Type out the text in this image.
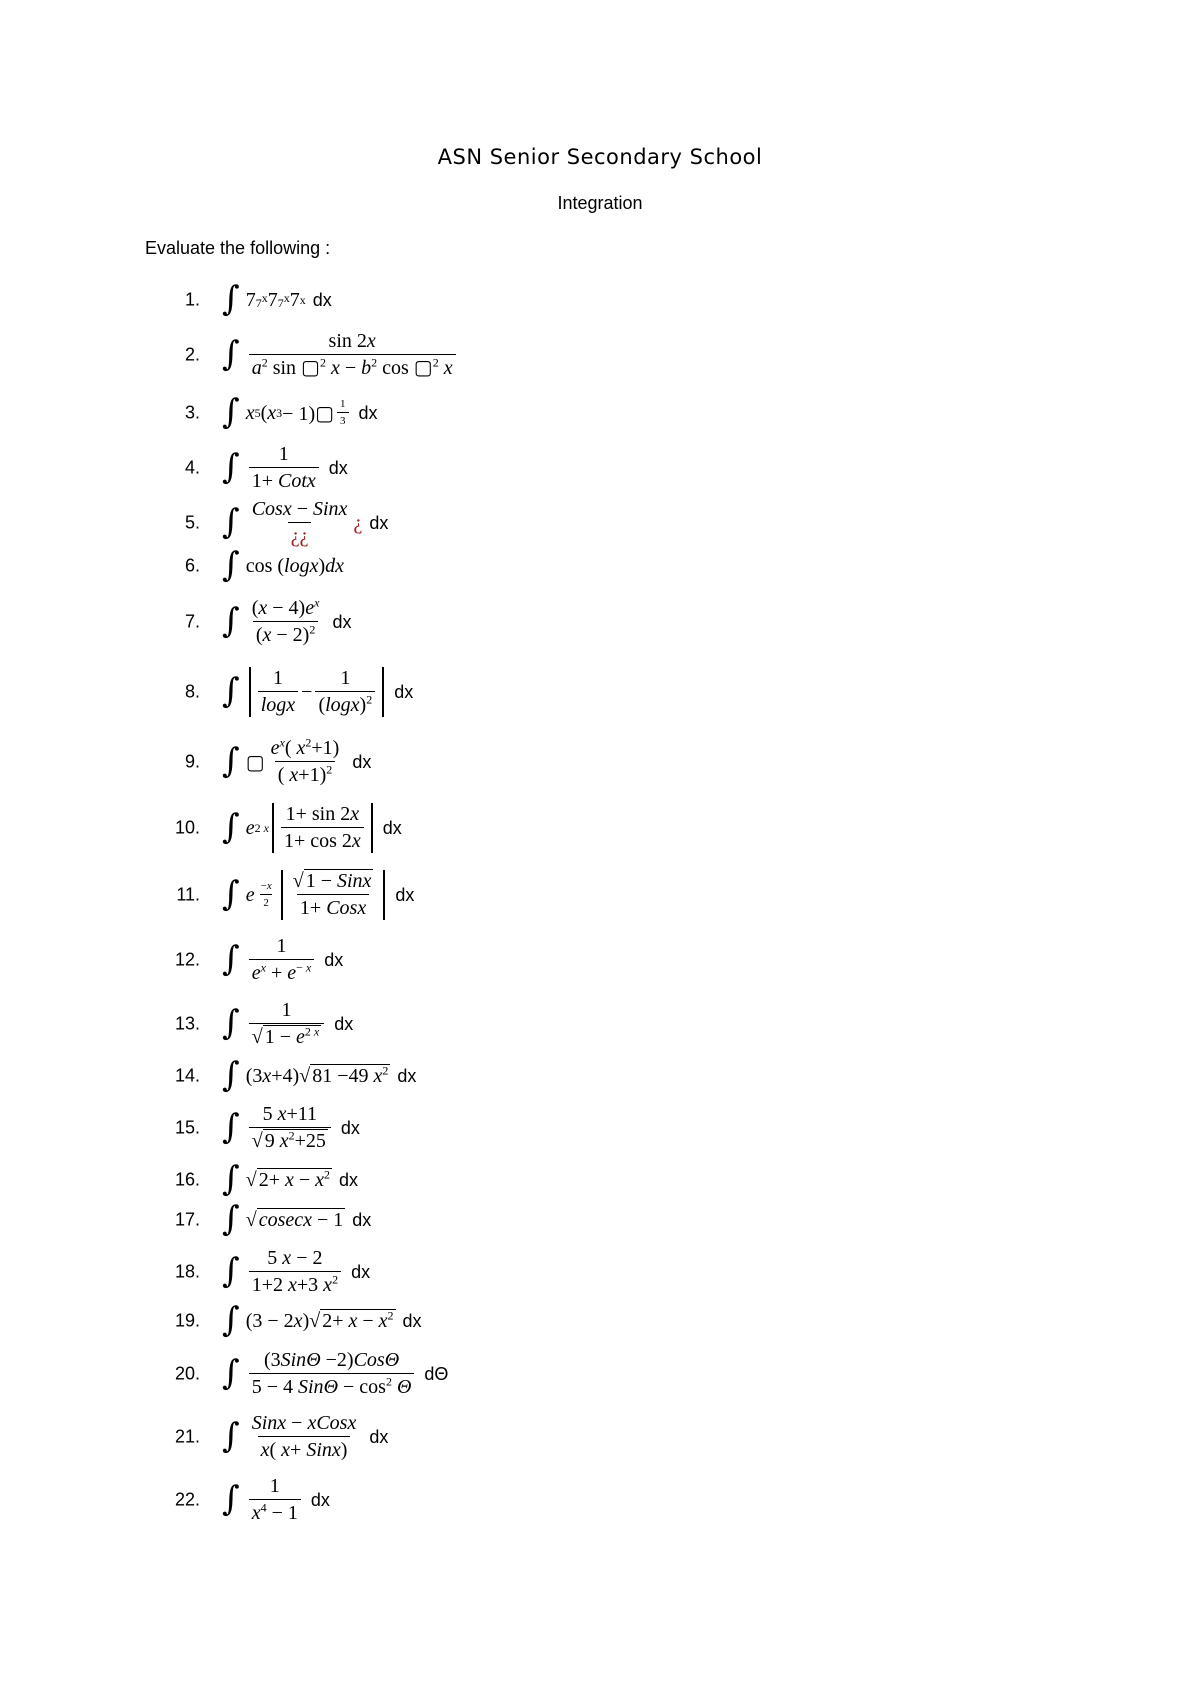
ASN Senior Secondary School
Integration
Evaluate the following :
1. ∫ 7 7$^x$ 7 7$^x$ 7 x dx
2. ∫ $\frac{\sin 2x}{a^2 \sin ▢^2 x - b^2 \cos ▢^2 x}$
3. ∫ x 5 ( x 3 − 1)▢ $\frac{1}{3}$ dx
4. ∫ $\frac{1}{\text{1+ Cotx}}$ dx
5. ∫ $\frac{\text{Cosx − Sinx}}{¿¿}$ ¿ dx
6. ∫ cos ( logx ) dx
7. ∫ $\frac{(x - 4)e^x}{(x - 2)^2}$ dx
8. ∫ $\frac{1}{\log x} - \frac{1}{(\log x)^2}$ dx
9. ∫ ▢ $\frac{e^x( x^2+1)}{( x+1)^2}$ dx
10. ∫ e 2 x $\frac{1+ \sin 2x}{1+ \cos 2x}$ dx
11. ∫ e $\frac{-x}{2} \frac{\text{√ 1 − Sinx}}{\text{1+ Cosx}}$ dx
12. ∫ $\frac{1}{e^x + e^{- x}}$ dx
13. ∫ $\frac{1}{√ 1 - e^{2 x}}$ dx
14. ∫ (3 x +4)√ 81 −49 $x^2$ dx
15. ∫ $\frac{5 x+11}{√ 9 x^2+25}$ dx
16. ∫ √ $2+ x - x^2$ dx
17. ∫ √ cosecx − 1 dx
18. ∫ $\frac{5 x - 2}{1+2 x+3 x^2}$ dx
19. ∫ (3 − 2 x )√ $2+ x - x^2$ dx
20. ∫ $\frac{\text{(3SinΘ −2)CosΘ}}{5 - 4 Sin\Theta - \cos^2 \Theta}$ dΘ
21. ∫ $\frac{\text{Sinx − xCosx}}{\text{x( x+ Sinx)}}$ dx
22. ∫ $\frac{1}{x^4 - 1}$ dx
